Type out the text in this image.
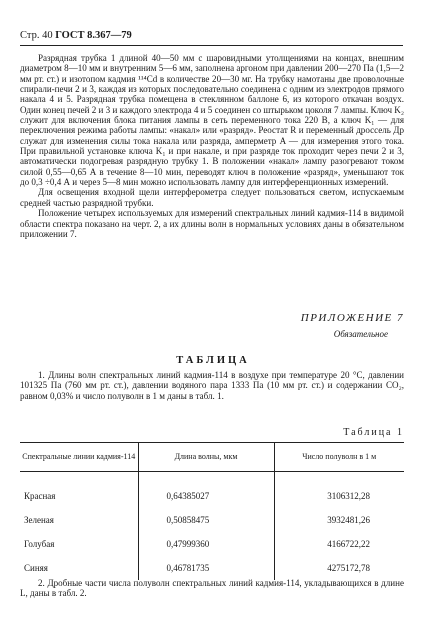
Стр. 40 ГОСТ 8.367—79

Разрядная трубка 1 длиной 40—50 мм с шаровидными утолщениями на концах, внешним диаметром 8—10 мм и внутренним 5—6 мм, заполнена аргоном при давлении 200—270 Па (1,5—2 мм рт. ст.) и изотопом кадмия ¹¹⁴Cd в количестве 20—30 мг. На трубку намотаны две проволочные спирали-печи 2 и 3, каждая из которых последовательно соединена с одним из электродов прямого накала 4 и 5. Разрядная трубка помещена в стеклянном баллоне 6, из которого откачан воздух. Один конец печей 2 и 3 и каждого электрода 4 и 5 соединен со штырьком цоколя 7 лампы. Ключ K₂ служит для включения блока питания лампы в сеть переменного тока 220 В, а ключ K₁ — для переключения режима работы лампы: «накал» или «разряд». Реостат R и переменный дроссель Др служат для изменения силы тока накала или разряда, амперметр A — для измерения этого тока. При правильной установке ключа K₁ и при накале, и при разряде ток проходит через печи 2 и 3, автоматически подогревая разрядную трубку 1. В положении «накал» лампу разогревают током силой 0,55—0,65 А в течение 8—10 мин, переводят ключ в положение «разряд», уменьшают ток до 0,3 ÷0,4 А и через 5—8 мин можно использовать лампу для интерференционных измерений.

Для освещения входной щели интерферометра следует пользоваться светом, испускаемым средней частью разрядной трубки.

Положение четырех используемых для измерений спектральных линий кадмия-114 в видимой области спектра показано на черт. 2, а их длины волн в нормальных условиях даны в обязательном приложении 7.

ПРИЛОЖЕНИЕ 7
Обязательное
ТАБЛИЦА

1. Длины волн спектральных линий кадмия-114 в воздухе при температуре 20 °C, давлении 101325 Па (760 мм рт. ст.), давлении водяного пара 1333 Па (10 мм рт. ст.) и содержании CO₂, равном 0,03% и число полуволн в 1 м даны в табл. 1.

Таблица 1
Спектральные линии кадмия-114	Длина волны, мкм	Число полуволн в 1 м
Красная	0,64385027	3106312,28
Зеленая	0,50858475	3932481,26
Голубая	0,47999360	4166722,22
Синяя	0,46781735	4275172,78

2. Дробные части числа полуволн спектральных линий кадмия-114, укладывающихся в длине L, даны в табл. 2.
